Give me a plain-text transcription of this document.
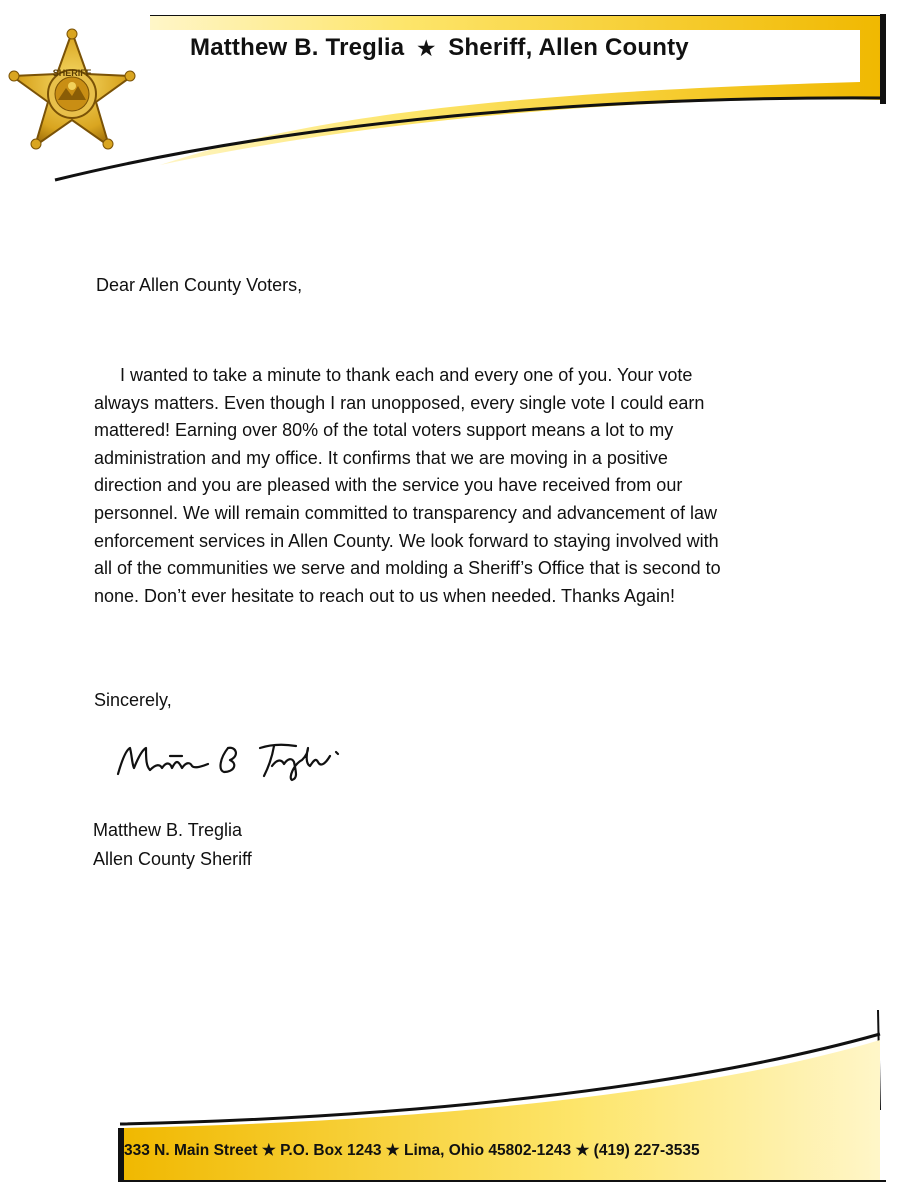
Matthew B. Treglia ★ Sheriff, Allen County
SHERIFF
Dear Allen County Voters,
I wanted to take a minute to thank each and every one of you. Your vote
always matters. Even though I ran unopposed, every single vote I could earn
mattered! Earning over 80% of the total voters support means a lot to my
administration and my office. It confirms that we are moving in a positive
direction and you are pleased with the service you have received from our
personnel. We will remain committed to transparency and advancement of law
enforcement services in Allen County. We look forward to staying involved with
all of the communities we serve and molding a Sheriff’s Office that is second to
none. Don’t ever hesitate to reach out to us when needed. Thanks Again!
Sincerely,
Matthew B. Treglia
Allen County Sheriff
333 N. Main Street ★ P.O. Box 1243 ★ Lima, Ohio 45802-1243 ★ (419) 227-3535
